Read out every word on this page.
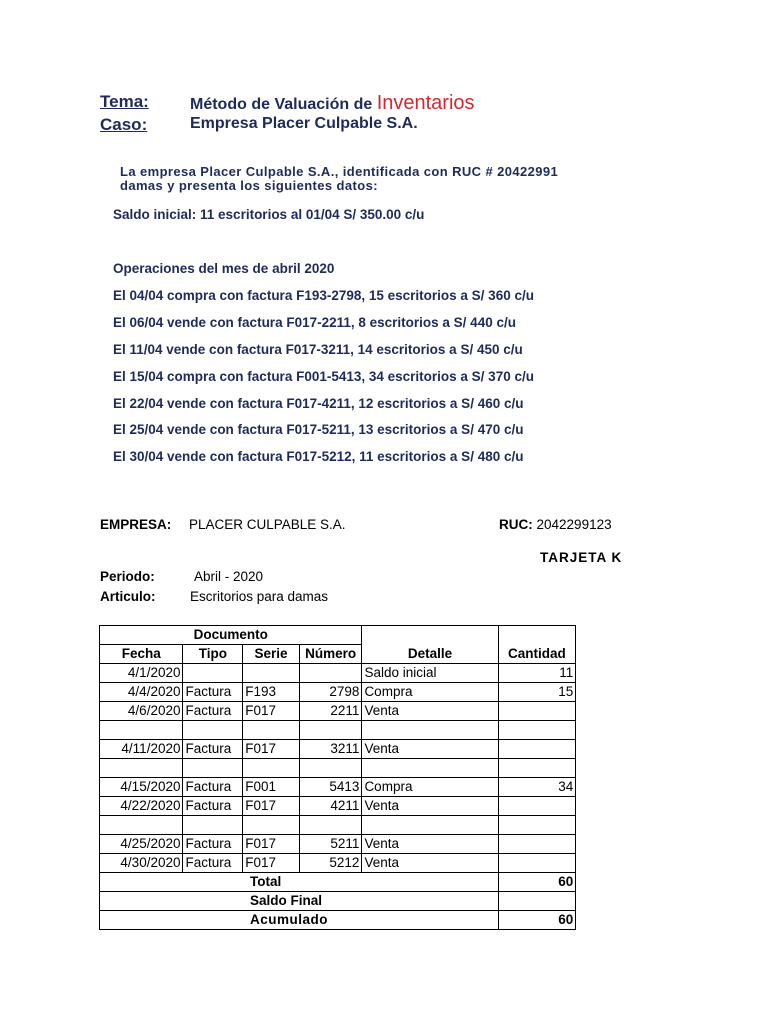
Tema:	Método de Valuación de Inventarios
Caso:	Empresa Placer Culpable S.A.
La empresa Placer Culpable S.A., identificada con RUC # 20422991
damas y presenta los siguientes datos:
Saldo inicial: 11 escritorios al 01/04 S/ 350.00 c/u
Operaciones del mes de abril 2020
El 04/04 compra con factura F193-2798, 15 escritorios a S/ 360 c/u
El 06/04 vende con factura F017-2211, 8 escritorios a S/ 440 c/u
El 11/04 vende con factura F017-3211, 14 escritorios a S/ 450 c/u
El 15/04 compra con factura F001-5413, 34 escritorios a S/ 370 c/u
El 22/04 vende con factura F017-4211, 12 escritorios a S/ 460 c/u
El 25/04 vende con factura F017-5211, 13 escritorios a S/ 470 c/u
El 30/04 vende con factura F017-5212, 11 escritorios a S/ 480 c/u
EMPRESA: PLACER CULPABLE S.A.	RUC: 2042299123
TARJETA K
Periodo:	Abril - 2020
Articulo:	Escritorios para damas
Documento						
Fecha	Tipo	Serie	Número	Detalle	Cantidad	
4/1/2020				Saldo inicial	11	
4/4/2020	Factura	F193	2798	Compra	15	
4/6/2020	Factura	F017	2211	Venta		

4/11/2020	Factura	F017	3211	Venta		

4/15/2020	Factura	F001	5413	Compra	34	
4/22/2020	Factura	F017	4211	Venta		

4/25/2020	Factura	F017	5211	Venta		
4/30/2020	Factura	F017	5212	Venta		
Total					60	
Saldo Final						
Acumulado					60	
